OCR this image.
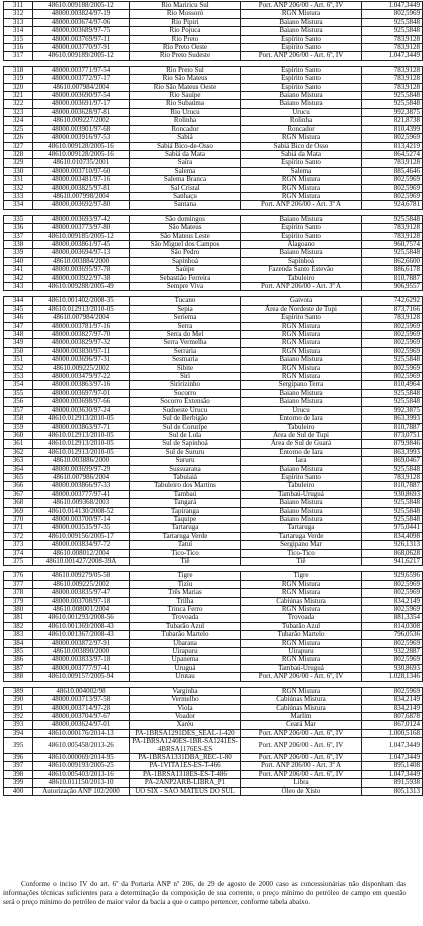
311	48610.009188/2005-12	Rio Mariricu Sul	Port. ANP 206/00 - Art. 6º, IV	1.047,3449
312	48000.003824/97-19	Rio Mossoró	RGN Mistura	802,5969
313	48000.003674/97-06	Rio Pipiri	Baiano Mistura	925,5848
314	48000.003689/97-75	Rio Pojuca	Baiano Mistura	925,5848
315	48000.003769/97-11	Rio Preto	Espírito Santo	783,9128
316	48000.003770/97-91	Rio Preto Oeste	Espírito Santo	783,9128
317	48610.009189/2005-12	Rio Preto Sudeste	Port. ANP 206/00 - Art. 6º, IV	1.047,3449

318	48000.003771/97-54	Rio Preto Sul	Espírito Santo	783,9128
319	48000.003772/97-17	Rio São Mateus	Espírito Santo	783,9128
320	48610.007984/2004	Rio São Mateus Oeste	Espírito Santo	783,9128
321	48000.003690/97-54	Rio Sauípe	Baiano Mistura	925,5848
322	48000.003691/97-17	Rio Subaúma	Baiano Mistura	925,5848
323	48000.003628/97-81	Rio Urucu	Urucu	992,3875
324	48610.009227/2002	Rolinha	Rolinha	821,8738
325	48000.003901/97-68	Roncador	Roncador	810,4399
326	48000.003916/97-53	Sabiá	RGN Mistura	802,5969
327	48610.009128/2005-16	Sabiá Bico-de-Osso	Sabiá Bico de Osso	813,4219
328	48610.009128/2005-16	Sabiá da Mata	Sabiá da Mata	864,5274
329	48610.010735/2001	Saíra	Espírito Santo	783,9128
330	48000.003710/97-60	Salema	Salema	885,4646
331	48000.003481/97-16	Salema Branca	RGN Mistura	802,5969
332	48000.003825/97-81	Sal Cristal	RGN Mistura	802,5969
333	48610.007998/2004	Sanhaçu	RGN Mistura	802,5969
334	48000.003692/97-80	Santana	Port. ANP 206/00 - Art. 3º A	924,6781

335	48000.003693/97-42	São domingos	Baiano Mistura	925,5848
336	48000.003773/97-80	São Mateus	Espírito Santo	783,9128
337	48610.009185/2005-12	São Mateus Leste	Espírito Santo	783,9128
338	48000.003861/97-45	São Miguel dos Campos	Alagoano	960,7574
339	48000.003694/97-13	São Pedro	Baiano Mistura	925,5848
340	48610.003884/2000	Sapinhoá	Sapinhoá	862,6600
341	48000.003695/97-78	Saúipe	Fazenda Santo Estevão	886,6178
342	48000.003922/97-38	Sebastião Ferreira	Tabuleiro	810,7887
343	48610.009288/2005-49	Sempre Viva	Port. ANP 206/00 - Art. 3º A	906,9557

344	48610.001402/2008-35	Tucano	Gaivota	742,6292
345	48610.012913/2010-05	Sepia	Área de Nordeste de Tupi	873,7166
346	48610.007984/2004	Seriema	Espírito Santo	783,9128
347	48000.003781/97-16	Serra	RGN Mistura	802,5969
348	48000.003827/97-70	Serra do Mel	RGN Mistura	802,5969
349	48000.003829/97-32	Serra Vermelha	RGN Mistura	802,5969
350	48000.003830/97-11	Serraria	RGN Mistura	802,5969
351	48000.003696/97-31	Sesmaria	Baiano Mistura	925,5848
352	48610.009225/2002	Sibite	RGN Mistura	802,5969
353	48000.003479/97-22	Siri	RGN Mistura	802,5969
354	48000.003863/97-16	Siririzinho	Sergipano Terra	810,4964
355	48000.003697/97-01	Socorro	Baiano Mistura	925,5848
356	48000.003698/97-66	Socorro Extensão	Baiano Mistura	925,5848
357	48000.003630/97-24	Sudoeste Urucu	Urucu	992,3875
358	48610.012913/2010-05	Sul de Berbigão	Entorno de Iara	863,3993
359	48000.003863/97-71	Sul de Corurípe	Tabuleiro	810,7887
360	48610.012913/2010-05	Sul de Lula	Área de Sul de Tupi	873,0751
361	48610.012913/2010-05	Sul de Sapinhoá	Área de Sul de Guará	879,9846
362	48610.012913/2010-05	Sul de Sururu	Entorno de Iara	863,3993
363	48610.003886/2000	Sururu	Iara	869,0467
364	48000.003699/97-29	Sussuarana	Baiano Mistura	925,5848
365	48610.007986/2004	Tabuiaiá	Espírito Santo	783,9128
366	48000.003866/97-33	Tabuleiro dos Martins	Tabuleiro	810,7887
367	48000.003777/97-41	Tambaú	Tambaú-Uruguá	930,8693
368	48610.009368/2003	Tangará	Baiano Mistura	925,5848
369	48610.014130/2008-52	Tapiranga	Baiano Mistura	925,5848
370	48000.003700/97-14	Taquipe	Baiano Mistura	925,5848
371	48000.003535/97-35	Tartaruga	Tartaruga	975,0441
372	48610.009156/2005-17	Tartaruga Verde	Tartaruga Verde	834,4098
373	48000.003834/97-72	Tatuí	Sergipano Mar	926,1313
374	48610.008012/2004	Tico-Tico	Tico-Tico	868,0628
375	48610.001427/2008-39A	Tiê	Tiê	941,6217

376	48610.009279/05-58	Tigre	Tigre	929,6596
377	48610.009225/2002	Tiziu	RGN Mistura	802,5969
378	48000.003835/97-47	Três Marias	RGN Mistura	802,5969
379	48000.003708/97-18	Trilha	Cabiúnas Mistura	834,2149
380	48610.008001/2004	Trinca Ferro	RGN Mistura	802,5969
381	48610.001293/2008-56	Trovoada	Trovoada	881,3354
382	48610.001369/2008-43	Tubarão Azul	Tubarão Azul	814,0308
383	48610.001367/2008-43	Tubarão Martelo	Tubarão Martelo	796,0536
384	48000.003872/97-91	Ubarana	RGN Mistura	802,5969
385	48610.003890/2000	Uirapuru	Uirapuru	932,2887
386	48000.003833/97-18	Upanema	RGN Mistura	802,5969
387	48000.003777/97-41	Uruguá	Tambaú-Uruguá	930,8693
388	48610.009157/2005-94	Urutau	Port. ANP 206/00 - Art. 6º, IV	1.028,1346

389	48610.004002/98	Varginha	RGN Mistura	802,5969
390	48000.003713/97-58	Vermelho	Cabiúnas Mistura	834,2149
391	48000.003714/97-28	Viola	Cabiúnas Mistura	834,2149
392	48000.003704/97-67	Voador	Marlim	807,6878
393	48000.003624/97-01	Xaréu	Ceará Mar	867,0124
394	48610.000176/2014-13	PA-1BRSA1291DES_SEAL-1-420	Port. ANP 206/00 - Art. 6º, IV	1.000,5168
395	48610.005458/2013-26	PA-1BRSA1240ES-1BR-SA1241ES-4BRSA1176ES-ES	Port. ANP 206/00 - Art. 6º, IV	1.047,3449
396	48610.000069/2014-95	PA-1BRSA1331DBA_REC-1-80	Port. ANP 206/00 - Art. 6º, IV	1.047,3449
397	48610.009193/2005-25	PA-1VITA1ES-ES-T-466	Port. ANP 206/00 - Art. 3º A	895,1408
398	48610.005403/2013-16	PA-1BRSA1318ES-ES-T-486	Port. ANP 206/00 - Art. 6º, IV	1.047,3449
399	48610.011150/2013-10	PA-2ANP2ARB-LIBRA_P1	Libra	891,5938
400	Autorização ANP 102/2000	UO SIX - SÃO MATEUS DO SUL	Óleo de Xisto	805,1313

Conforme o inciso IV do art. 6º da Portaria ANP nº 206, de 29 de agosto de 2000 caso as concessionárias não disponham das informações técnicas suficientes para a determinação da composição de sua corrente, o preço mínimo do petróleo de campo em questão será o preço mínimo do petróleo de maior valor da bacia a que o campo pertencer, conforme tabela abaixo.
